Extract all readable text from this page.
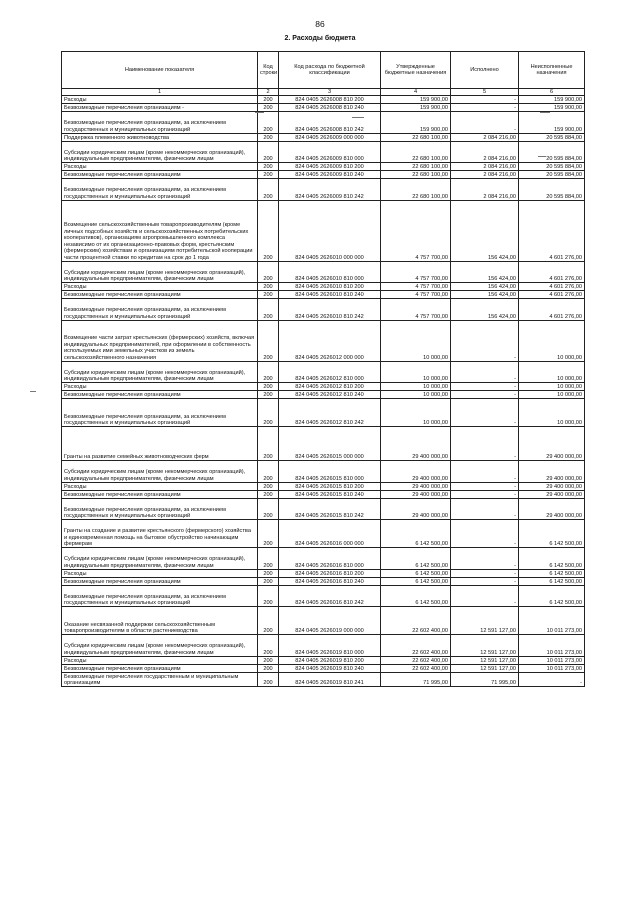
86
2. Расходы бюджета
Наименование показателя	Код строки	Код расхода по бюджетной классификации	Утвержденные бюджетные назначения	Исполнено	Неисполненные назначения
1	2	3	4	5	6
Расходы	200	824 0405 2626008 810 200	159 900,00	-	159 900,00
Безвозмездные перечисления организациям -	200	824 0405 2626008 810 240	159 900,00	-	159 900,00
Безвозмездные перечисления организациям, за исключением государственных и муниципальных организаций	200	824 0405 2626008 810 242	159 900,00	-	159 900,00
Поддержка племенного животноводства	200	824 0405 2626009 000 000	22 680 100,00	2 084 216,00	20 595 884,00
Субсидии юридическим лицам (кроме некоммерческих организаций), индивидуальным предпринимателям, физическим лицам	200	824 0405 2626009 810 000	22 680 100,00	2 084 216,00	20 595 884,00
Расходы	200	824 0405 2626009 810 200	22 680 100,00	2 084 216,00	20 595 884,00
Безвозмездные перечисления организациям	200	824 0405 2626009 810 240	22 680 100,00	2 084 216,00	20 595 884,00
Безвозмездные перечисления организациям, за исключением государственных и муниципальных организаций	200	824 0405 2626009 810 242	22 680 100,00	2 084 216,00	20 595 884,00
Возмещение сельскохозяйственным товаропроизводителям (кроме личных подсобных хозяйств и сельскохозяйственных потребительских кооперативов), организациям агропромышленного комплекса независимо от их организационно-правовых форм, крестьянским (фермерским) хозяйствам и организациям потребительской кооперации части процентной ставки по кредитам на срок до 1 года	200	824 0405 2626010 000 000	4 757 700,00	156 424,00	4 601 276,00
Субсидии юридическим лицам (кроме некоммерческих организаций), индивидуальным предпринимателям, физическим лицам	200	824 0405 2626010 810 000	4 757 700,00	156 424,00	4 601 276,00
Расходы	200	824 0405 2626010 810 200	4 757 700,00	156 424,00	4 601 276,00
Безвозмездные перечисления организациям	200	824 0405 2626010 810 240	4 757 700,00	156 424,00	4 601 276,00
Безвозмездные перечисления организациям, за исключением государственных и муниципальных организаций	200	824 0405 2626010 810 242	4 757 700,00	156 424,00	4 601 276,00
Возмещение части затрат крестьянских (фермерских) хозяйств, включая индивидуальных предпринимателей, при оформлении в собственность используемых ими земельных участков из земель сельскохозяйственного назначения	200	824 0405 2626012 000 000	10 000,00	-	10 000,00
Субсидии юридическим лицам (кроме некоммерческих организаций), индивидуальным предпринимателям, физическим лицам	200	824 0405 2626012 810 000	10 000,00	-	10 000,00
Расходы	200	824 0405 2626012 810 200	10 000,00	-	10 000,00
Безвозмездные перечисления организациям	200	824 0405 2626012 810 240	10 000,00	-	10 000,00
Безвозмездные перечисления организациям, за исключением государственных и муниципальных организаций	200	824 0405 2626012 810 242	10 000,00	-	10 000,00
Гранты на развитие семейных животноводческих ферм	200	824 0405 2626015 000 000	29 400 000,00	-	29 400 000,00
Субсидии юридическим лицам (кроме некоммерческих организаций), индивидуальным предпринимателям, физическим лицам	200	824 0405 2626015 810 000	29 400 000,00	-	29 400 000,00
Расходы	200	824 0405 2626015 810 200	29 400 000,00	-	29 400 000,00
Безвозмездные перечисления организациям	200	824 0405 2626015 810 240	29 400 000,00	-	29 400 000,00
Безвозмездные перечисления организациям, за исключением государственных и муниципальных организаций	200	824 0405 2626015 810 242	29 400 000,00	-	29 400 000,00
Гранты на создание и развитие крестьянского (фермерского) хозяйства и единовременная помощь на бытовое обустройство начинающим фермерам	200	824 0405 2626016 000 000	6 142 500,00	-	6 142 500,00
Субсидии юридическим лицам (кроме некоммерческих организаций), индивидуальным предпринимателям, физическим лицам	200	824 0405 2626016 810 000	6 142 500,00	-	6 142 500,00
Расходы	200	824 0405 2626016 810 200	6 142 500,00	-	6 142 500,00
Безвозмездные перечисления организациям	200	824 0405 2626016 810 240	6 142 500,00	-	6 142 500,00
Безвозмездные перечисления организациям, за исключением государственных и муниципальных организаций	200	824 0405 2626016 810 242	6 142 500,00	-	6 142 500,00
Оказание несвязанной поддержки сельскохозяйственным товаропроизводителям в области растениеводства	200	824 0405 2626019 000 000	22 602 400,00	12 591 127,00	10 011 273,00
Субсидии юридическим лицам (кроме некоммерческих организаций), индивидуальным предпринимателям, физическим лицам	200	824 0405 2626019 810 000	22 602 400,00	12 591 127,00	10 011 273,00
Расходы	200	824 0405 2626019 810 200	22 602 400,00	12 591 127,00	10 011 273,00
Безвозмездные перечисления организациям	200	824 0405 2626019 810 240	22 602 400,00	12 591 127,00	10 011 273,00
Безвозмездные перечисления государственным и муниципальным организациям	200	824 0405 2626019 810 241	71 995,00	71 995,00	-
